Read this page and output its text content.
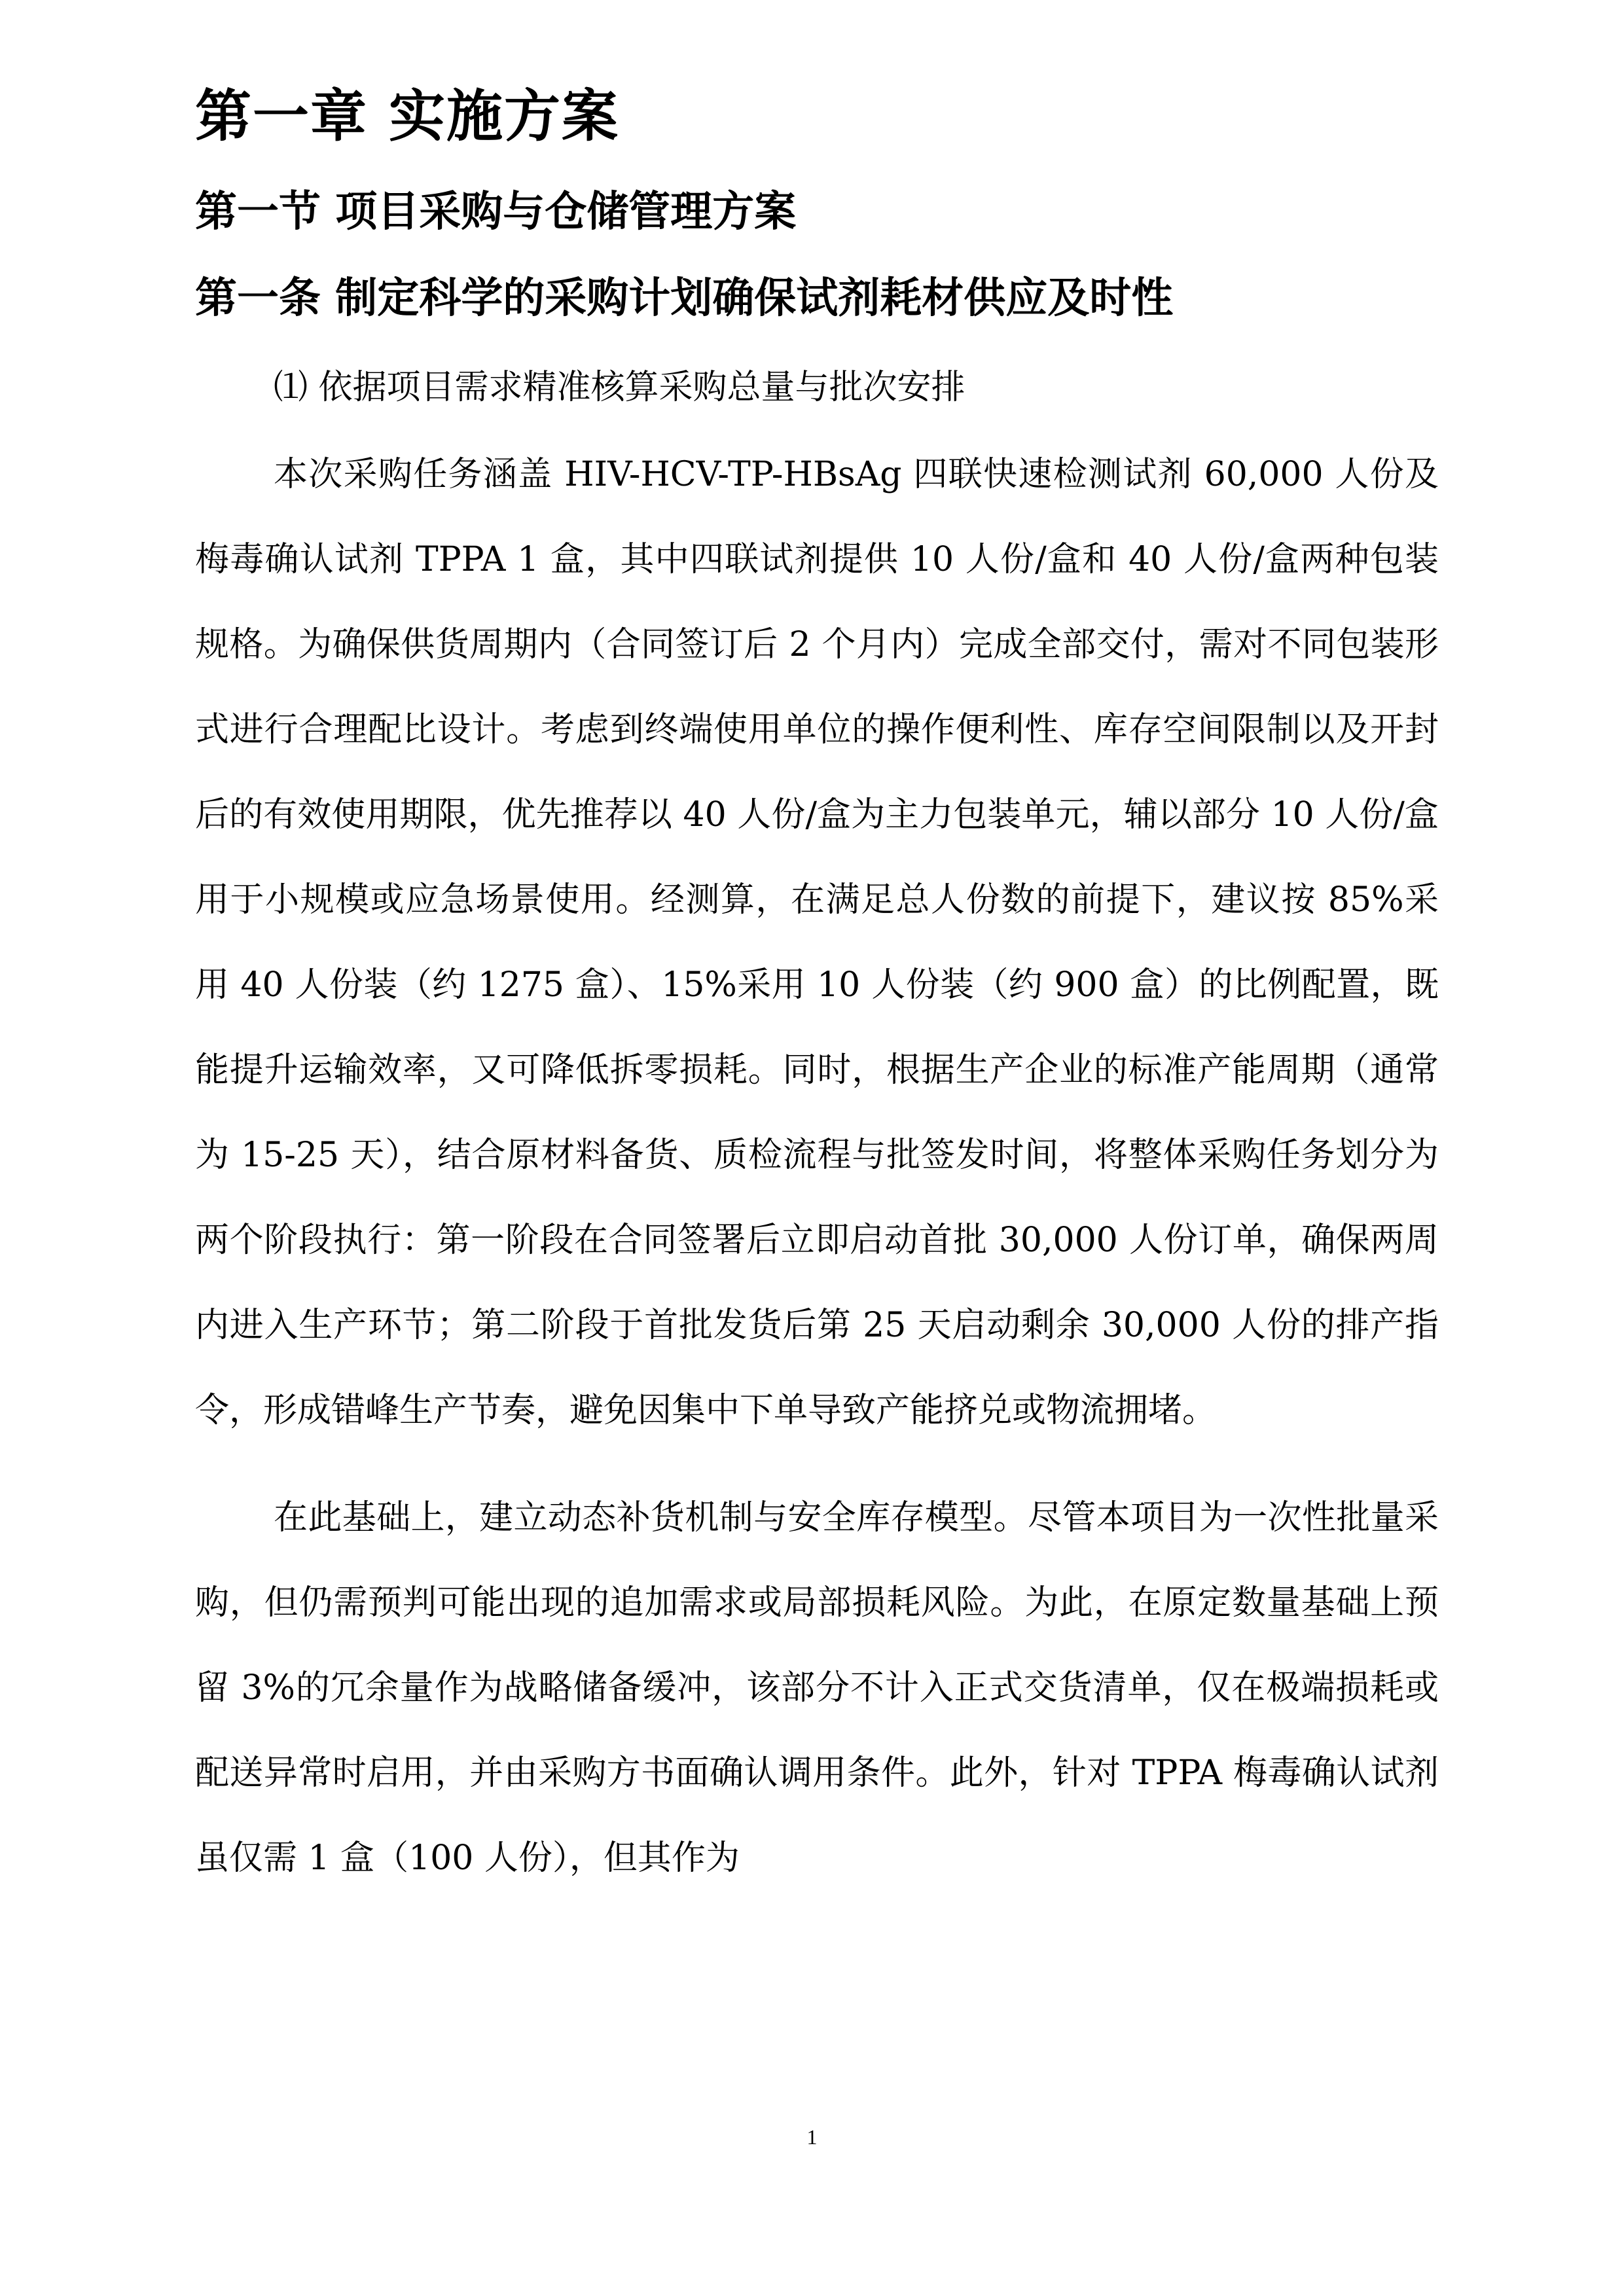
第一章 实施方案
第一节 项目采购与仓储管理方案
第一条 制定科学的采购计划确保试剂耗材供应及时性
⑴ 依据项目需求精准核算采购总量与批次安排

本次采购任务涵盖 HIV-HCV-TP-HBsAg 四联快速检测试剂 60,000 人份及梅毒确认试剂 TPPA 1 盒，其中四联试剂提供 10 人份/盒和 40 人份/盒两种包装规格。为确保供货周期内（合同签订后 2 个月内）完成全部交付，需对不同包装形式进行合理配比设计。考虑到终端使用单位的操作便利性、库存空间限制以及开封后的有效使用期限，优先推荐以 40 人份/盒为主力包装单元，辅以部分 10 人份/盒用于小规模或应急场景使用。经测算，在满足总人份数的前提下，建议按 85%采用 40 人份装（约 1275 盒）、15%采用 10 人份装（约 900 盒）的比例配置，既能提升运输效率，又可降低拆零损耗。同时，根据生产企业的标准产能周期（通常为 15-25 天），结合原材料备货、质检流程与批签发时间，将整体采购任务划分为两个阶段执行：第一阶段在合同签署后立即启动首批 30,000 人份订单，确保两周内进入生产环节；第二阶段于首批发货后第 25 天启动剩余 30,000 人份的排产指令，形成错峰生产节奏，避免因集中下单导致产能挤兑或物流拥堵。

在此基础上，建立动态补货机制与安全库存模型。尽管本项目为一次性批量采购，但仍需预判可能出现的追加需求或局部损耗风险。为此，在原定数量基础上预留 3%的冗余量作为战略储备缓冲，该部分不计入正式交货清单，仅在极端损耗或配送异常时启用，并由采购方书面确认调用条件。此外，针对 TPPA 梅毒确认试剂虽仅需 1 盒（100 人份），但其作为

1
